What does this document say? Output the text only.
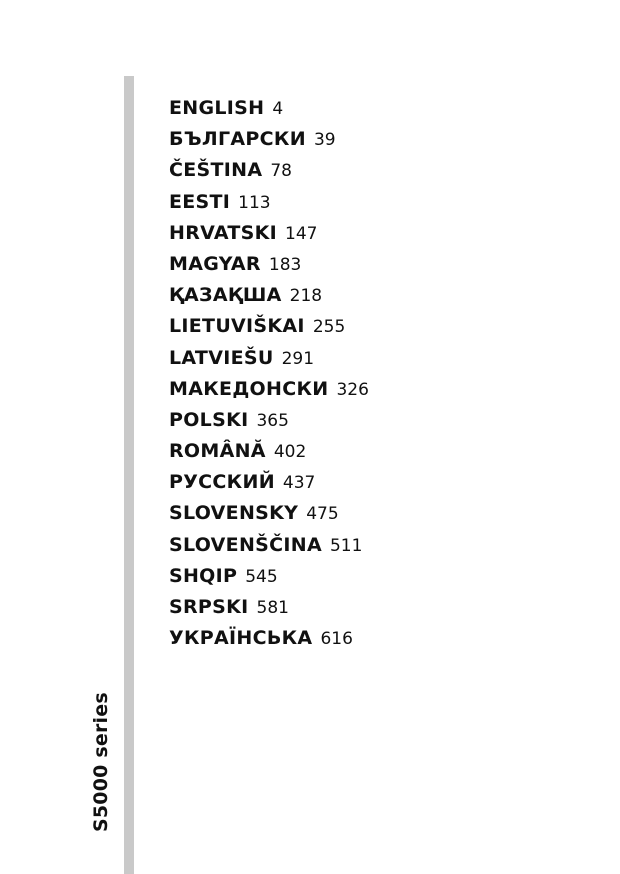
S5000 series
ENGLISH 4
БЪЛГАРСКИ 39
ČEŠTINA 78
EESTI 113
HRVATSKI 147
MAGYAR 183
ҚАЗАҚША 218
LIETUVIŠKAI 255
LATVIEŠU 291
МАКЕДОНСКИ 326
POLSKI 365
ROMÂNĂ 402
РУССКИЙ 437
SLOVENSKY 475
SLOVENŠČINA 511
SHQIP 545
SRPSKI 581
УКРАЇНСЬКА 616
